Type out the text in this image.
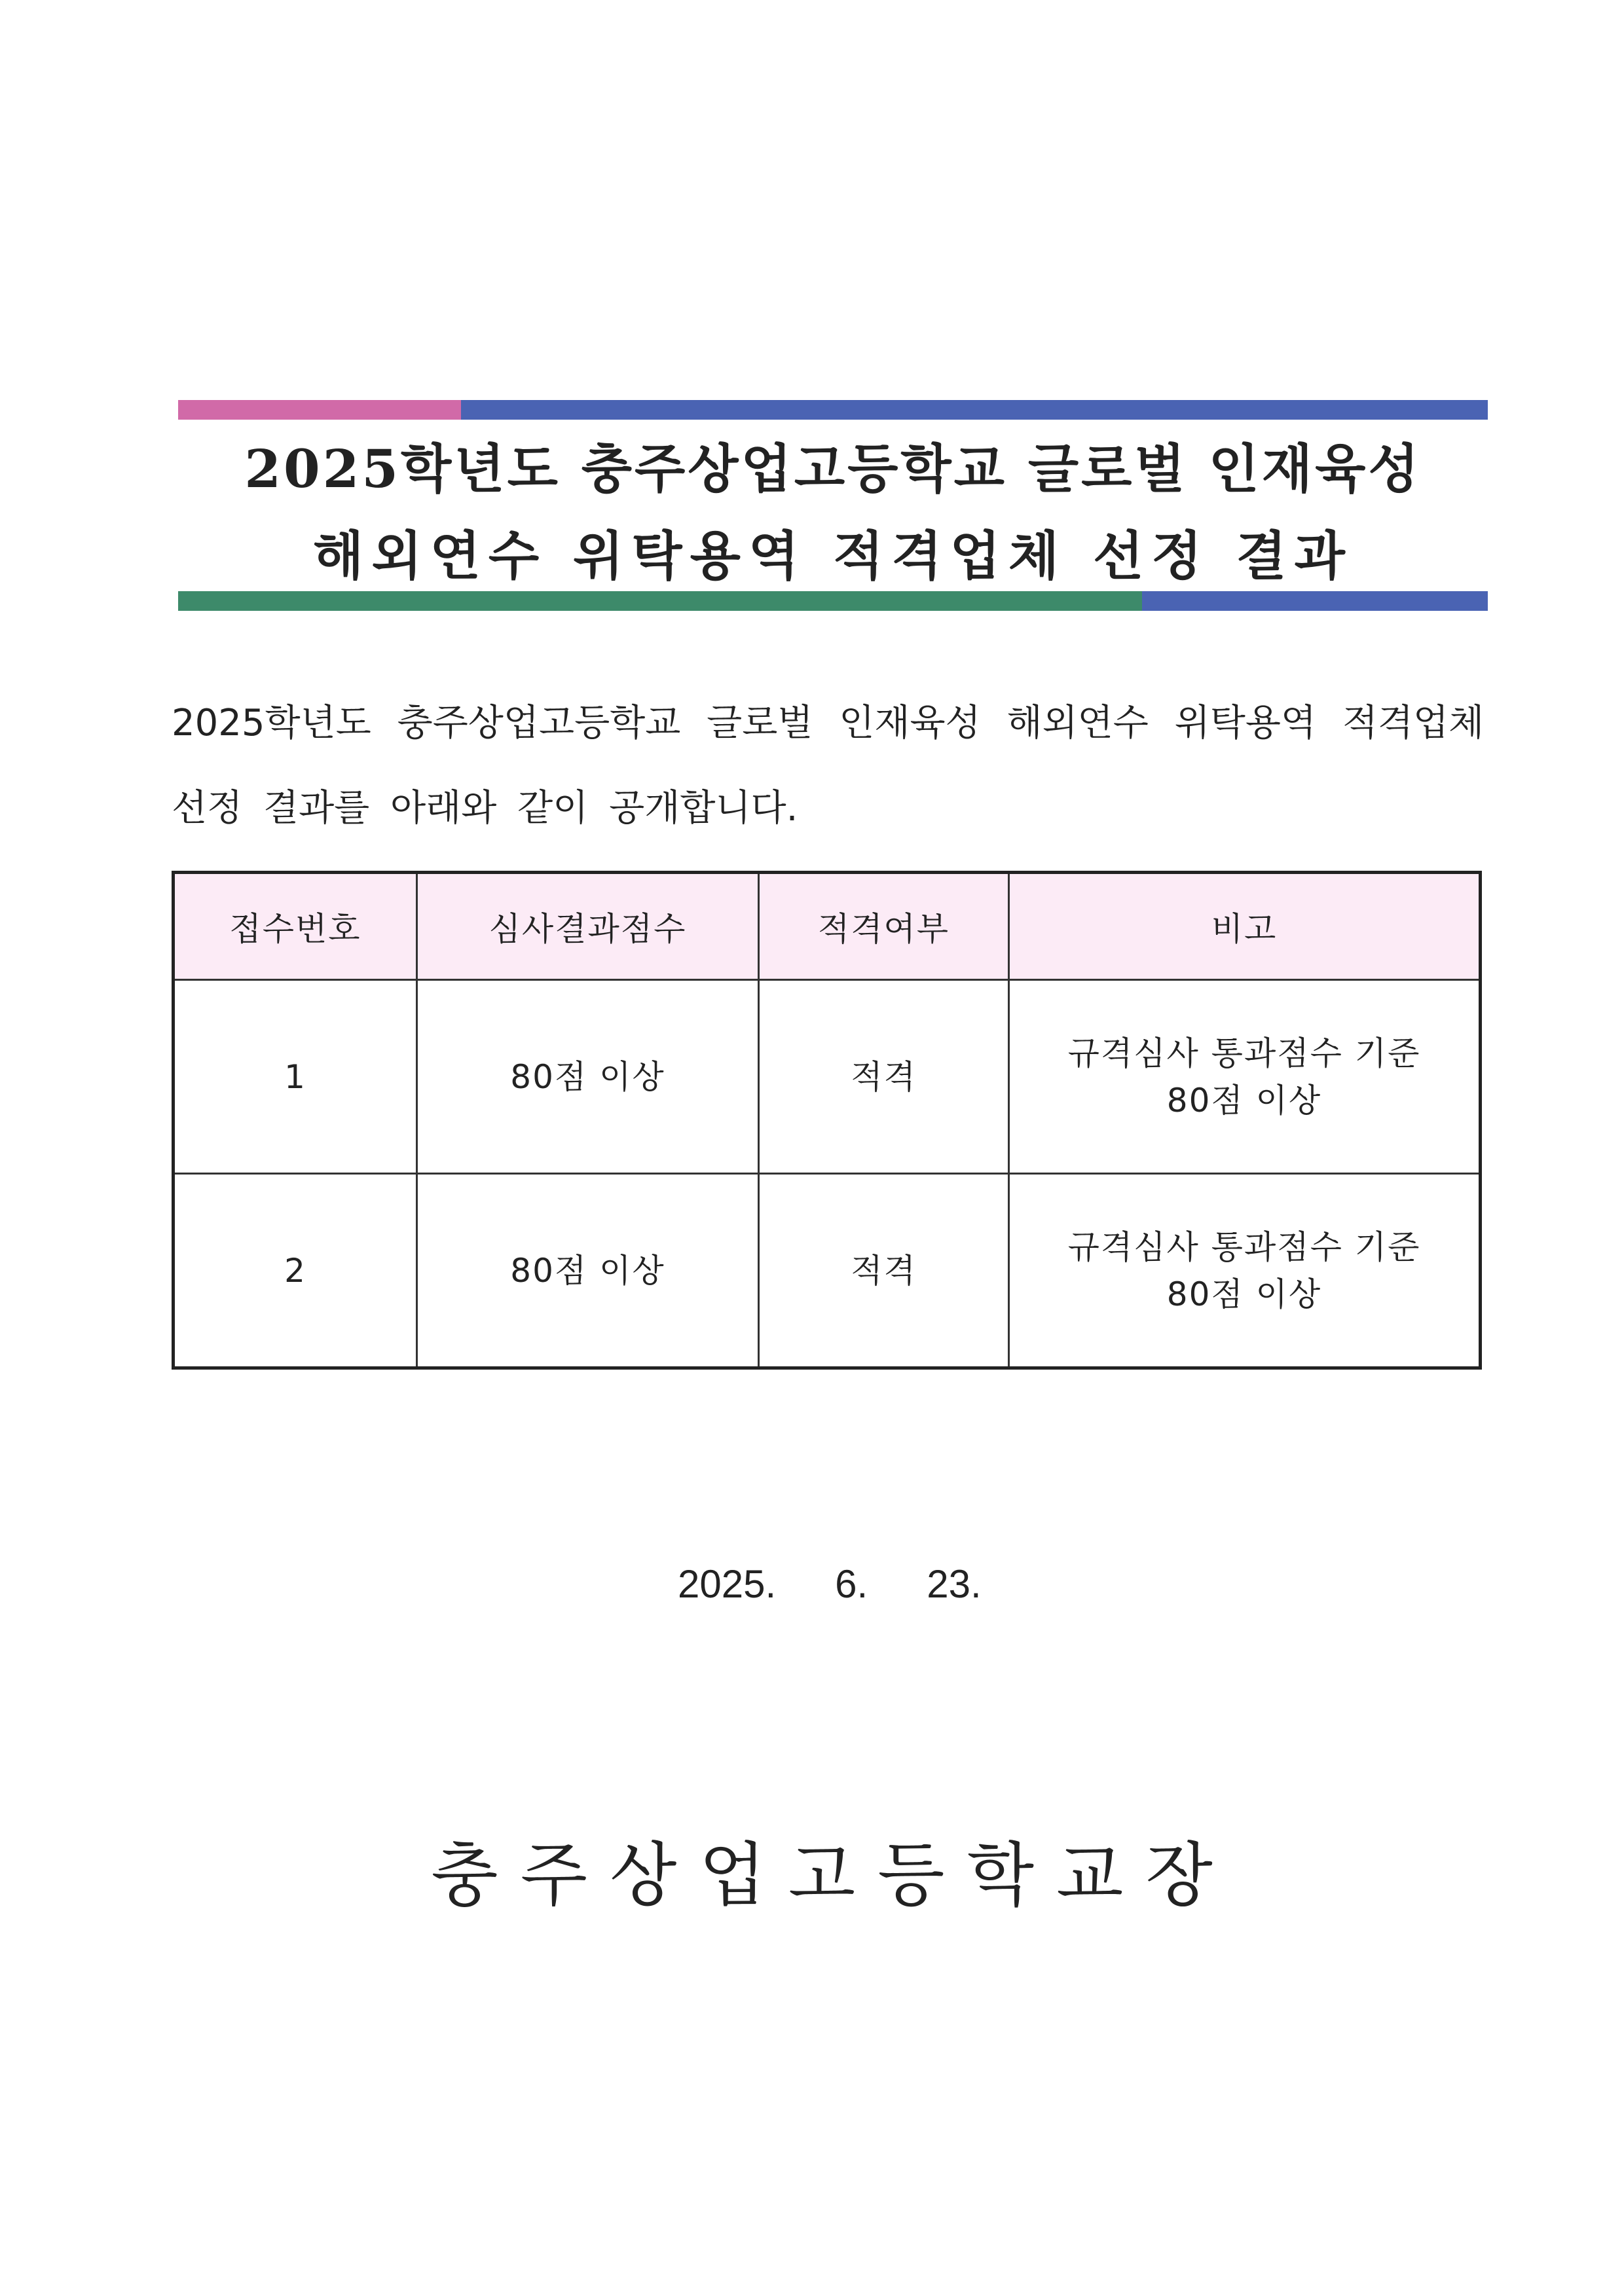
2025학년도 충주상업고등학교 글로벌 인재육성
해외연수 위탁용역 적격업체 선정 결과
2025학년도 충주상업고등학교 글로벌 인재육성 해외연수 위탁용역 적격업체
선정 결과를 아래와 같이 공개합니다.
접수번호	심사결과점수	적격여부	비고
1	80점 이상	적격	규격심사 통과점수 기준
80점 이상

2	80점 이상	적격	규격심사 통과점수 기준
80점 이상
2025. 6. 23.
충주상업고등학교장
